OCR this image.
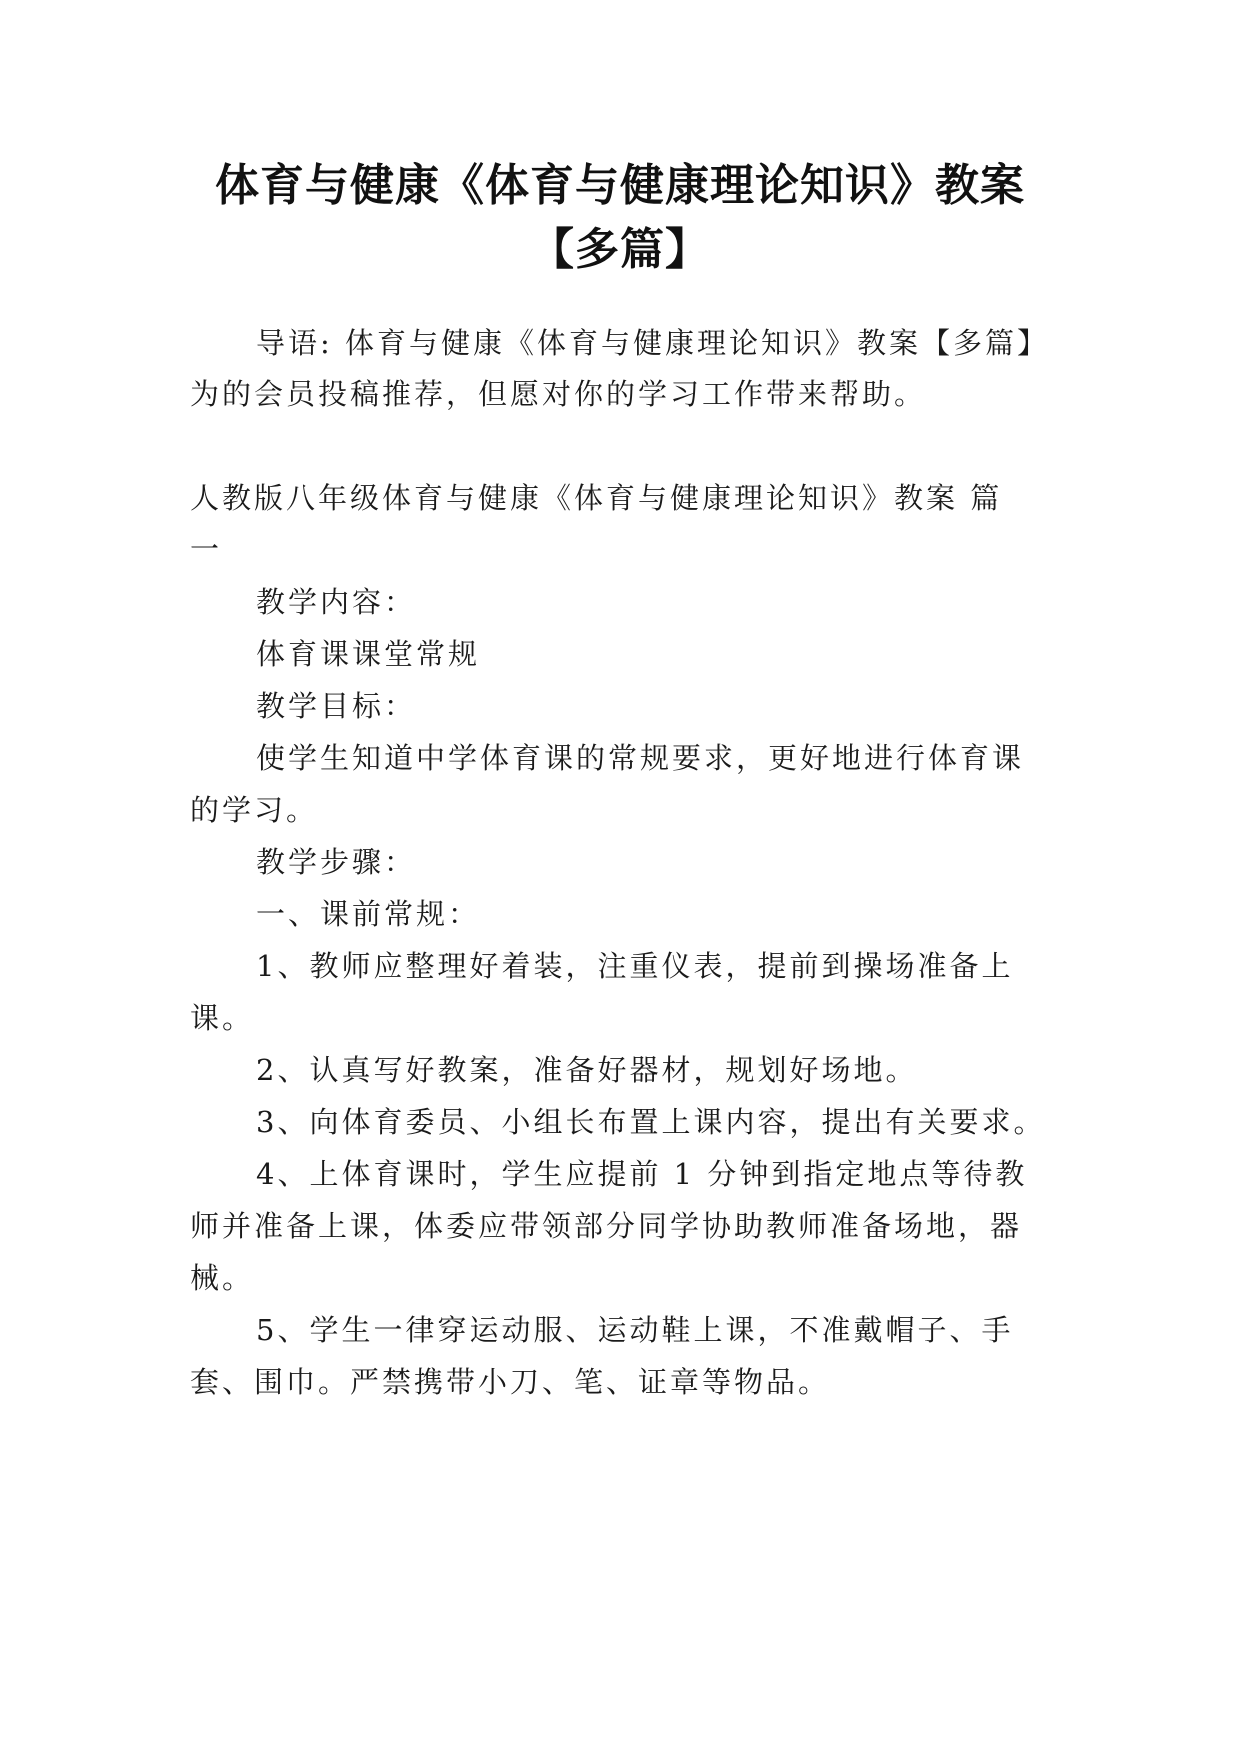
体育与健康《体育与健康理论知识》教案
【多篇】
导语: 体育与健康《体育与健康理论知识》教案【多篇】
为的会员投稿推荐，但愿对你的学习工作带来帮助。
人教版八年级体育与健康《体育与健康理论知识》教案 篇
一
教学内容：
体育课课堂常规
教学目标：
使学生知道中学体育课的常规要求，更好地进行体育课
的学习。
教学步骤：
一、课前常规：
1、教师应整理好着装，注重仪表，提前到操场准备上
课。
2、认真写好教案，准备好器材，规划好场地。
3、向体育委员、小组长布置上课内容，提出有关要求。
4、上体育课时，学生应提前 1 分钟到指定地点等待教
师并准备上课，体委应带领部分同学协助教师准备场地，器
械。
5、学生一律穿运动服、运动鞋上课，不准戴帽子、手
套、围巾。严禁携带小刀、笔、证章等物品。
